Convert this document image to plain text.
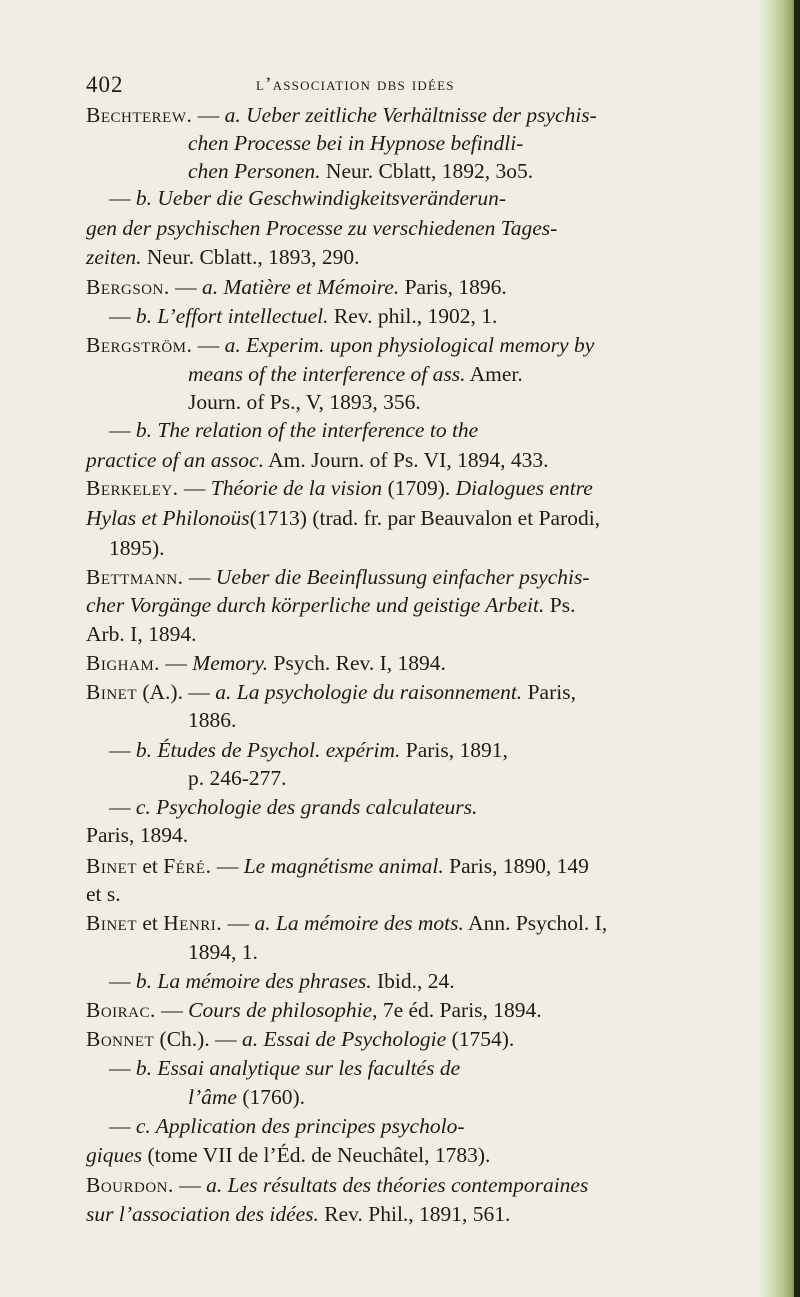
402	l’association dbs idées
Bechterew. — a. Ueber zeitliche Verhältnisse der psychis-
chen Processe bei in Hypnose befindli-
chen Personen. Neur. Cblatt, 1892, 3o5.
— b. Ueber die Geschwindigkeitsveränderun-
gen der psychischen Processe zu verschiedenen Tages-
zeiten. Neur. Cblatt., 1893, 290.
Bergson. — a. Matière et Mémoire. Paris, 1896.
— b. L’effort intellectuel. Rev. phil., 1902, 1.
Bergström. — a. Experim. upon physiological memory by
means of the interference of ass. Amer.
Journ. of Ps., V, 1893, 356.
— b. The relation of the interference to the
practice of an assoc. Am. Journ. of Ps. VI, 1894, 433.
Berkeley. — Théorie de la vision (1709). Dialogues entre
Hylas et Philonoüs(1713) (trad. fr. par Beauvalon et Parodi,
1895).
Bettmann. — Ueber die Beeinflussung einfacher psychis-
cher Vorgänge durch körperliche und geistige Arbeit. Ps.
Arb. I, 1894.
Bigham. — Memory. Psych. Rev. I, 1894.
Binet (A.). — a. La psychologie du raisonnement. Paris,
1886.
— b. Études de Psychol. expérim. Paris, 1891,
p. 246-277.
— c. Psychologie des grands calculateurs.
Paris, 1894.
Binet et Féré. — Le magnétisme animal. Paris, 1890, 149
et s.
Binet et Henri. — a. La mémoire des mots. Ann. Psychol. I,
1894, 1.
— b. La mémoire des phrases. Ibid., 24.
Boirac. — Cours de philosophie, 7e éd. Paris, 1894.
Bonnet (Ch.). — a. Essai de Psychologie (1754).
— b. Essai analytique sur les facultés de
l’âme (1760).
— c. Application des principes psycholo-
giques (tome VII de l’Éd. de Neuchâtel, 1783).
Bourdon. — a. Les résultats des théories contemporaines
sur l’association des idées. Rev. Phil., 1891, 561.
